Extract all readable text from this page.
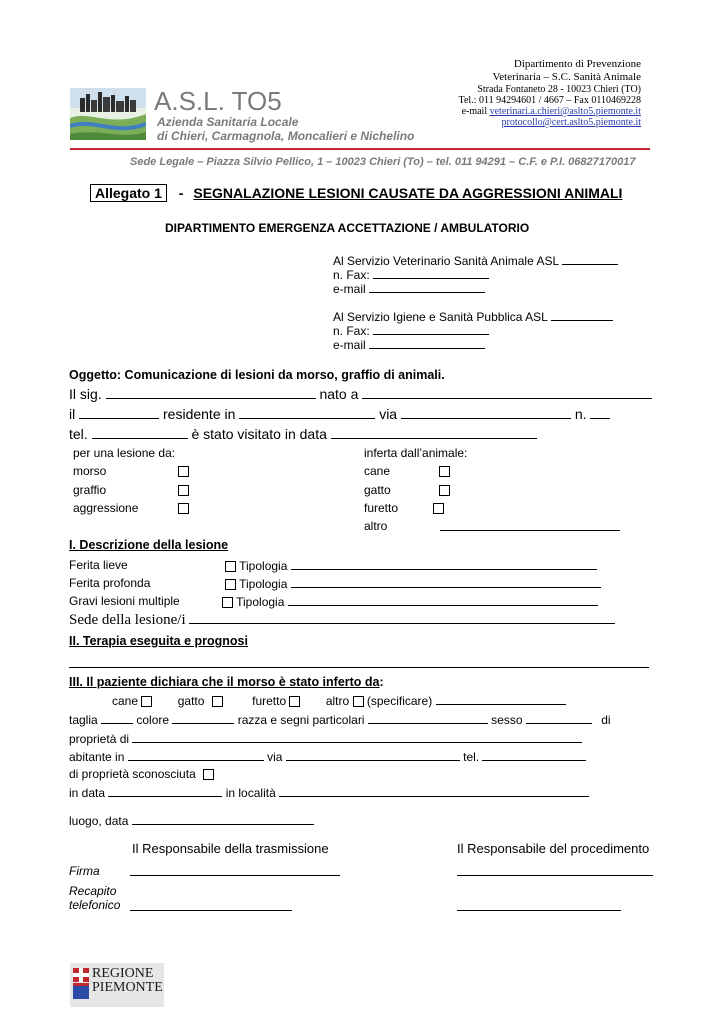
A.S.L. TO5
Azienda Sanitaria Locale
di Chieri, Carmagnola, Moncalieri e Nichelino
Dipartimento di Prevenzione
Veterinaria – S.C. Sanità Animale
Strada Fontaneto 28 - 10023 Chieri (TO)
Tel.: 011 94294601 / 4667 – Fax 0110469228
e-mail veterinari.a.chieri@aslto5.piemonte.it
protocollo@cert.aslto5.piemonte.it
Sede Legale – Piazza Silvio Pellico, 1 – 10023 Chieri (To) – tel. 011 94291 – C.F. e P.I. 06827170017
Allegato 1 - SEGNALAZIONE LESIONI CAUSATE DA AGGRESSIONI ANIMALI
DIPARTIMENTO EMERGENZA ACCETTAZIONE / AMBULATORIO
Al Servizio Veterinario Sanità Animale ASL
n. Fax:
e-mail
Al Servizio Igiene e Sanità Pubblica ASL
n. Fax:
e-mail
Oggetto: Comunicazione di lesioni da morso, graffio di animali.
Il sig.	nato a
il	residente in	via	n.
tel.	è stato visitato in data
per una lesione da:
morso
graffio
aggressione
inferta dall’animale:
cane
gatto
furetto
altro
I. Descrizione della lesione
Ferita lieve	Tipologia
Ferita profonda	Tipologia
Gravi lesioni multiple	Tipologia
Sede della lesione/i
II. Terapia eseguita e prognosi
III. Il paziente dichiara che il morso è stato inferto da:
cane	gatto	furetto	altro (specificare)
taglia	colore	razza e segni particolari	sesso	di
proprietà di
abitante in	via	tel.
di proprietà sconosciuta
in data	in località
luogo, data
Il Responsabile della trasmissione	Il Responsabile del procedimento
Firma
Recapito
telefonico
REGIONE
PIEMONTE
